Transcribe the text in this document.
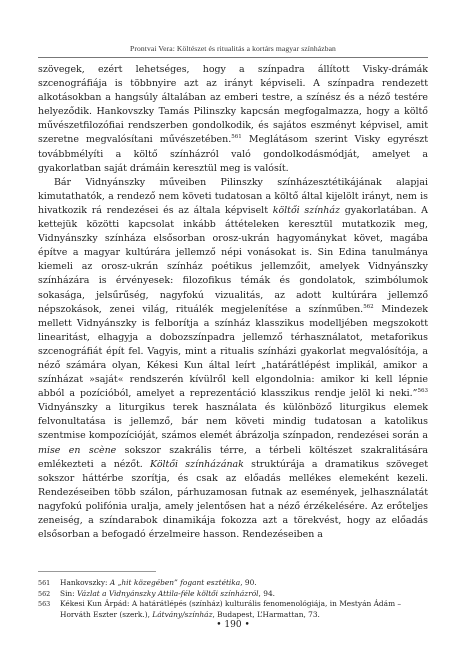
Prontvai Vera: Költészet és ritualitás a kortárs magyar színházban

szövegek, ezért lehetséges, hogy a színpadra állított Visky-drámák szcenográfiája is többnyire azt az irányt képviseli. A színpadra rendezett alkotásokban a hangsúly általában az emberi testre, a színész és a néző testére helyeződik. Hankovszky Tamás Pilinszky kapcsán megfogalmazza, hogy a költő művészetfilozófiai rendszerben gondolkodik, és sajátos eszményt képvisel, amit szeretne megvalósítani művészetében.$^{561}$ Meglátásom szerint Visky egyrészt továbbmélyíti a költő színházról való gondolkodásmódját, amelyet a gyakorlatban saját drámáin keresztül meg is valósít.

Bár Vidnyánszky műveiben Pilinszky színházesztétikájának alapjai kimutathatók, a rendező nem követi tudatosan a költő által kijelölt irányt, nem is hivatkozik rá rendezései és az általa képviselt költői színház gyakorlatában. A kettejük közötti kapcsolat inkább áttételeken keresztül mutatkozik meg, Vidnyánszky színháza elsősorban orosz-ukrán hagyománykat követ, magába építve a magyar kultúrára jellemző népi vonásokat is. Sin Edina tanulmánya kiemeli az orosz-ukrán színház poétikus jellemzőit, amelyek Vidnyánszky színházára is érvényesek: filozofikus témák és gondolatok, szimbólumok sokasága, jelsűrűség, nagyfokú vizualitás, az adott kultúrára jellemző népszokások, zenei világ, rituálék megjelenítése a színműben.$^{562}$ Mindezek mellett Vidnyánszky is felborítja a színház klasszikus modelljében megszokott linearitást, elhagyja a dobozszínpadra jellemző térhasználatot, metaforikus szcenográfiát épít fel. Vagyis, mint a ritualis színházi gyakorlat megvalósítója, a néző számára olyan, Kékesi Kun által leírt „határátlépést implikál, amikor a színházat »saját« rendszerén kívülről kell elgondolnia: amikor ki kell lépnie abból a pozícióból, amelyet a reprezentáció klasszikus rendje jelöl ki neki.”$^{563}$ Vidnyánszky a liturgikus terek használata és különböző liturgikus elemek felvonultatása is jellemző, bár nem követi mindig tudatosan a katolikus szentmise kompozícióját, számos elemét ábrázolja színpadon, rendezései során a mise en scène sokszor szakrális térre, a térbeli költészet szakralitására emlékezteti a nézőt. Költői színházának struktúrája a dramatikus szöveget sokszor háttérbe szorítja, és csak az előadás mellékes elemeként kezeli. Rendezéseiben több szálon, párhuzamosan futnak az események, jelhasználatát nagyfokú polifónia uralja, amely jelentősen hat a néző érzékelésére. Az erőteljes zeneiség, a színdarabok dinamikája fokozza azt a törekvést, hogy az előadás elsősorban a befogadó érzelmeire hasson. Rendezéseiben a

561 Hankovszky: A „hit közegében” fogant esztétika, 90.

562 Sin: Vázlat a Vidnyánszky Attila-féle költői színházról, 94.

563 Kékesi Kun Árpád: A határátlépés (színház) kulturális fenomenológiája, in Mestyán Ádám – Horváth Eszter (szerk.), Látvány/színház, Budapest, L’Harmattan, 73.

• 190 •
